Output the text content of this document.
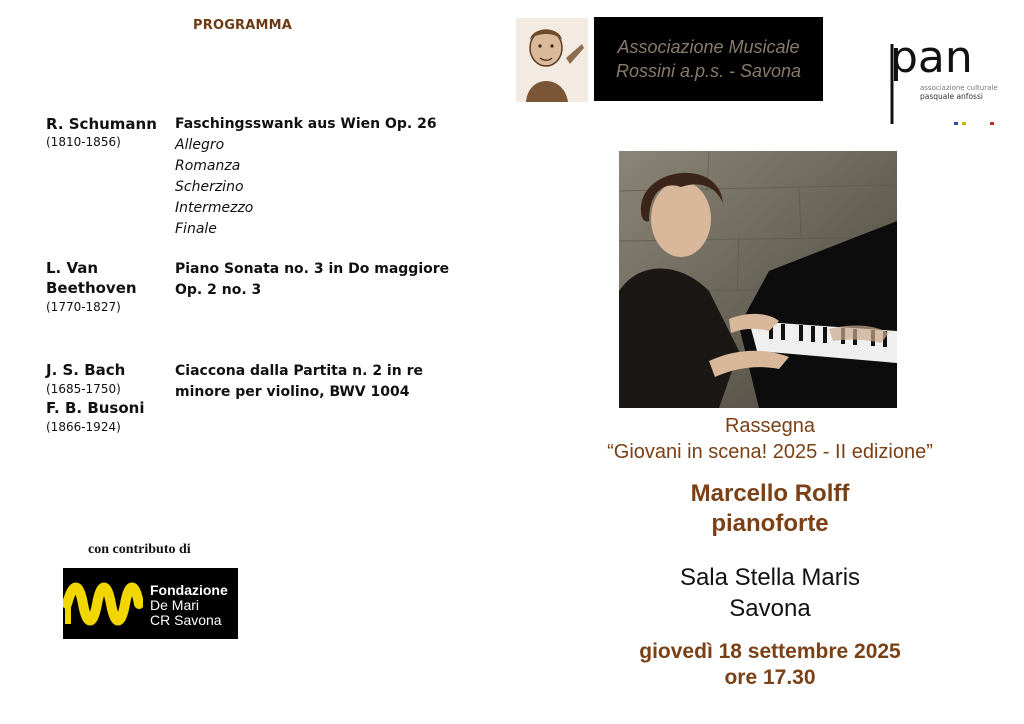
PROGRAMMA
R. Schumann
(1810-1856)
Faschingsswank aus Wien Op. 26
Allegro
Romanza
Scherzino
Intermezzo
Finale
L. Van
Beethoven
(1770-1827)
Piano Sonata no. 3 in Do maggiore
Op. 2 no. 3
J. S. Bach
(1685-1750)
F. B. Busoni
(1866-1924)
Ciaccona dalla Partita n. 2 in re
minore per violino, BWV 1004
con contributo di
Fondazione
De Mari
CR Savona
Associazione Musicale
Rossini a.p.s. - Savona pan
associazione culturale
pasquale anfossi
Rassegna
“Giovani in scena! 2025 - II edizione”
Marcello Rolff
pianoforte
Sala Stella Maris
Savona
giovedì 18 settembre 2025
ore 17.30
